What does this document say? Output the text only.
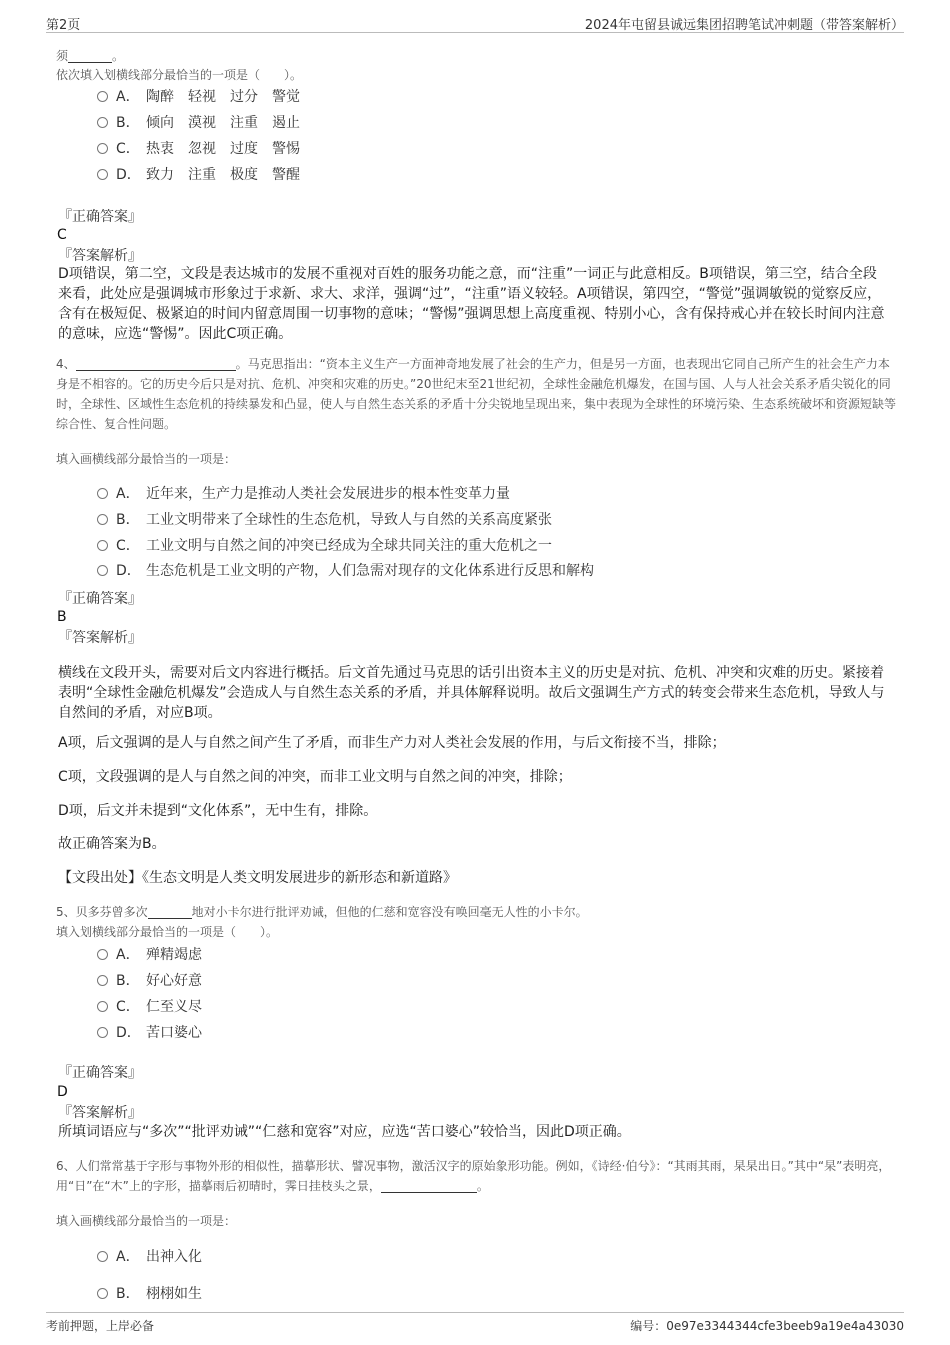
第2页	2024年屯留县诚远集团招聘笔试冲刺题（带答案解析）
须	。
依次填入划横线部分最恰当的一项是（　　）。
A． 陶醉 轻视 过分 警觉
B． 倾向 漠视 注重 遏止
C． 热衷 忽视 过度 警惕
D． 致力 注重 极度 警醒
『正确答案』
C
『答案解析』
D项错误，第二空，文段是表达城市的发展不重视对百姓的服务功能之意，而“注重”一词正与此意相反。B项错误，第三空，结合全段来看，此处应是强调城市形象过于求新、求大、求洋，强调“过”，“注重”语义较轻。A项错误，第四空，“警觉”强调敏锐的觉察反应，含有在极短促、极紧迫的时间内留意周围一切事物的意味；“警惕”强调思想上高度重视、特别小心，含有保持戒心并在较长时间内注意的意味，应选“警惕”。因此C项正确。
4、	。马克思指出：“资本主义生产一方面神奇地发展了社会的生产力，但是另一方面，也表现出它同自己所产生的社会生产力本身是不相容的。它的历史今后只是对抗、危机、冲突和灾难的历史。”20世纪末至21世纪初，全球性金融危机爆发，在国与国、人与人社会关系矛盾尖锐化的同时，全球性、区域性生态危机的持续暴发和凸显，使人与自然生态关系的矛盾十分尖锐地呈现出来，集中表现为全球性的环境污染、生态系统破坏和资源短缺等综合性、复合性问题。
填入画横线部分最恰当的一项是：
A． 近年来，生产力是推动人类社会发展进步的根本性变革力量
B． 工业文明带来了全球性的生态危机，导致人与自然的关系高度紧张
C． 工业文明与自然之间的冲突已经成为全球共同关注的重大危机之一
D． 生态危机是工业文明的产物，人们急需对现存的文化体系进行反思和解构
『正确答案』
B
『答案解析』
横线在文段开头，需要对后文内容进行概括。后文首先通过马克思的话引出资本主义的历史是对抗、危机、冲突和灾难的历史。紧接着表明“全球性金融危机爆发”会造成人与自然生态关系的矛盾，并具体解释说明。故后文强调生产方式的转变会带来生态危机，导致人与自然间的矛盾，对应B项。
A项，后文强调的是人与自然之间产生了矛盾，而非生产力对人类社会发展的作用，与后文衔接不当，排除；
C项，文段强调的是人与自然之间的冲突，而非工业文明与自然之间的冲突，排除；
D项，后文并未提到“文化体系”，无中生有，排除。
故正确答案为B。
【文段出处】《生态文明是人类文明发展进步的新形态和新道路》
5、贝多芬曾多次	地对小卡尔进行批评劝诫，但他的仁慈和宽容没有唤回毫无人性的小卡尔。
填入划横线部分最恰当的一项是（　　）。
A． 殚精竭虑
B． 好心好意
C． 仁至义尽
D． 苦口婆心
『正确答案』
D
『答案解析』
所填词语应与“多次”“批评劝诫”“仁慈和宽容”对应，应选“苦口婆心”较恰当，因此D项正确。
6、人们常常基于字形与事物外形的相似性，描摹形状、譬况事物，激活汉字的原始象形功能。例如，《诗经·伯兮》：“其雨其雨，杲杲出日。”其中“杲”表明亮，用“日”在“木”上的字形，描摹雨后初晴时，霁日挂枝头之景，	。
填入画横线部分最恰当的一项是：
A． 出神入化
B． 栩栩如生
考前押题，上岸必备	编号：0e97e3344344cfe3beeb9a19e4a43030
